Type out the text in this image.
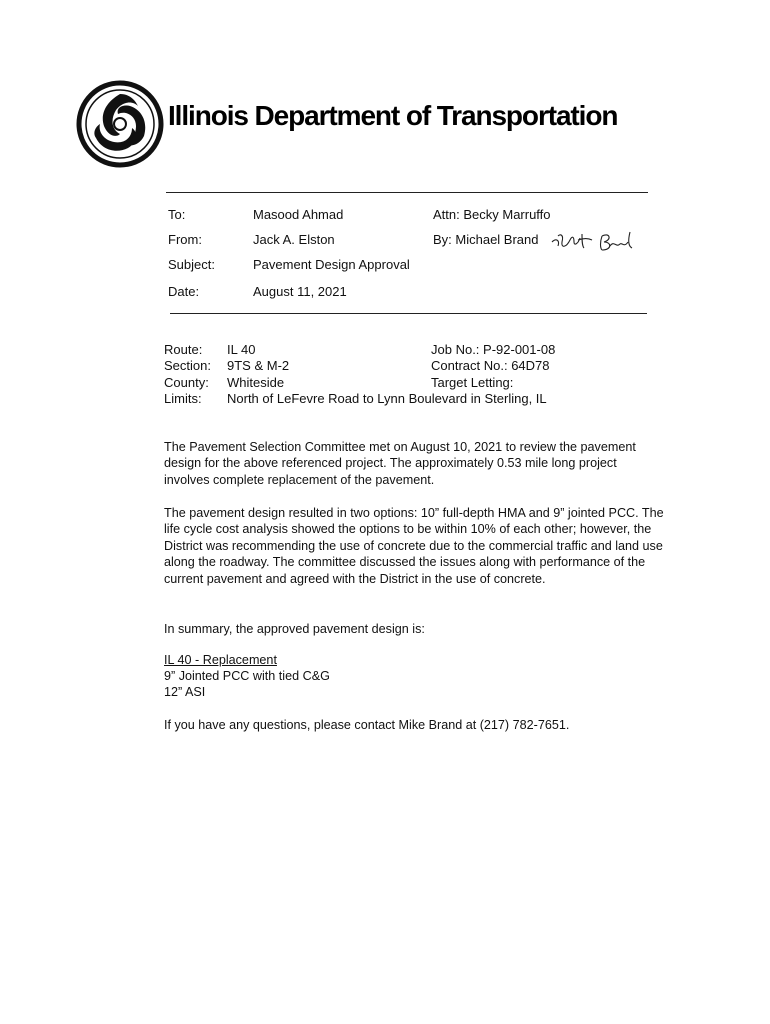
Illinois Department of Transportation
To:	Masood Ahmad	Attn: Becky Marruffo
From:	Jack A. Elston	By: Michael Brand
Subject:	Pavement Design Approval
Date:	August 11, 2021
Route: IL 40	Job No.: P-92-001-08
Section: 9TS & M-2	Contract No.: 64D78
County: Whiteside	Target Letting:
Limits: North of LeFevre Road to Lynn Boulevard in Sterling, IL
The Pavement Selection Committee met on August 10, 2021 to review the pavement design for the above referenced project. The approximately 0.53 mile long project involves complete replacement of the pavement.
The pavement design resulted in two options: 10” full-depth HMA and 9” jointed PCC. The life cycle cost analysis showed the options to be within 10% of each other; however, the District was recommending the use of concrete due to the commercial traffic and land use along the roadway. The committee discussed the issues along with performance of the current pavement and agreed with the District in the use of concrete.
In summary, the approved pavement design is:
IL 40 - Replacement
9” Jointed PCC with tied C&G
12” ASI
If you have any questions, please contact Mike Brand at (217) 782-7651.
